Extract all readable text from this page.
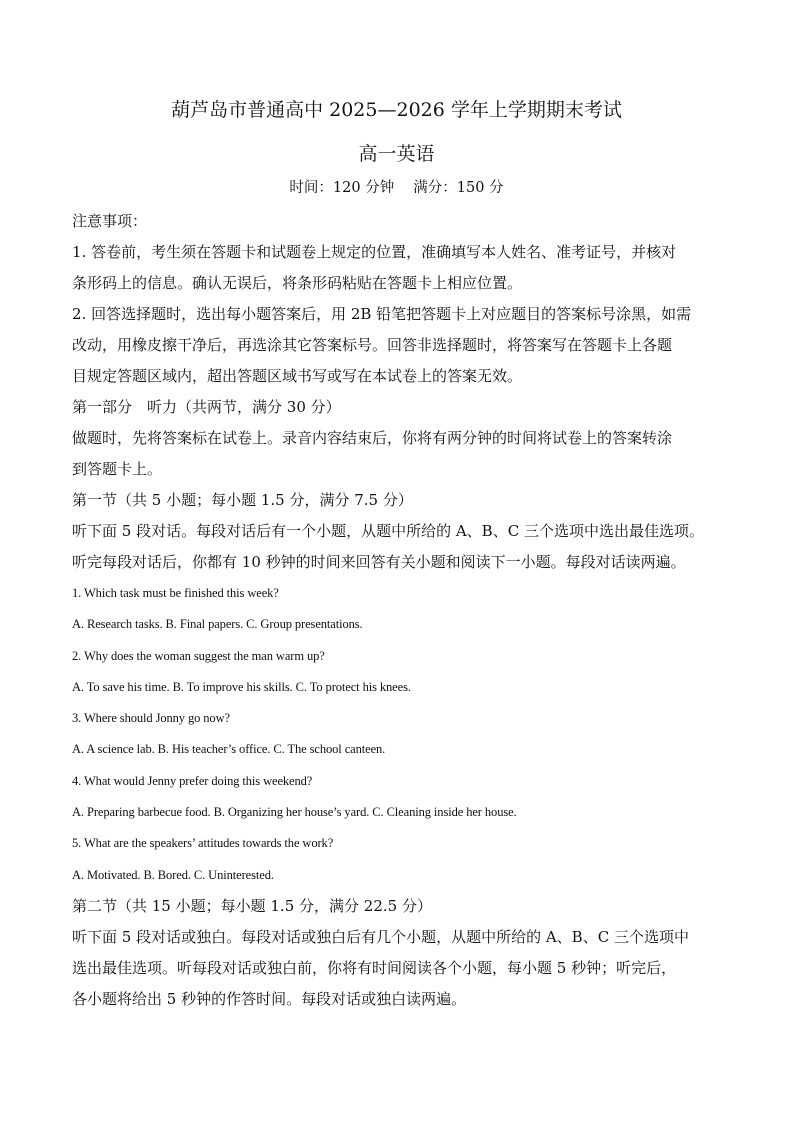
葫芦岛市普通高中 2025—2026 学年上学期期末考试
高一英语
时间：120 分钟　 满分：150 分

注意事项：

1. 答卷前，考生须在答题卡和试题卷上规定的位置，准确填写本人姓名、准考证号，并核对

条形码上的信息。确认无误后，将条形码粘贴在答题卡上相应位置。

2. 回答选择题时，选出每小题答案后，用 2B 铅笔把答题卡上对应题目的答案标号涂黑，如需

改动，用橡皮擦干净后，再选涂其它答案标号。回答非选择题时，将答案写在答题卡上各题

目规定答题区域内，超出答题区域书写或写在本试卷上的答案无效。

第一部分　听力（共两节，满分 30 分）

做题时，先将答案标在试卷上。录音内容结束后，你将有两分钟的时间将试卷上的答案转涂

到答题卡上。

第一节（共 5 小题；每小题 1.5 分，满分 7.5 分）

听下面 5 段对话。每段对话后有一个小题，从题中所给的 A、B、C 三个选项中选出最佳选项。

听完每段对话后，你都有 10 秒钟的时间来回答有关小题和阅读下一小题。每段对话读两遍。

1. Which task must be finished this week?

A. Research tasks. B. Final papers. C. Group presentations.

2. Why does the woman suggest the man warm up?

A. To save his time. B. To improve his skills. C. To protect his knees.

3. Where should Jonny go now?

A. A science lab. B. His teacher’s office. C. The school canteen.

4. What would Jenny prefer doing this weekend?

A. Preparing barbecue food. B. Organizing her house’s yard. C. Cleaning inside her house.

5. What are the speakers’ attitudes towards the work?

A. Motivated. B. Bored. C. Uninterested.

第二节（共 15 小题；每小题 1.5 分，满分 22.5 分）

听下面 5 段对话或独白。每段对话或独白后有几个小题，从题中所给的 A、B、C 三个选项中

选出最佳选项。听每段对话或独白前，你将有时间阅读各个小题，每小题 5 秒钟；听完后，

各小题将给出 5 秒钟的作答时间。每段对话或独白读两遍。
